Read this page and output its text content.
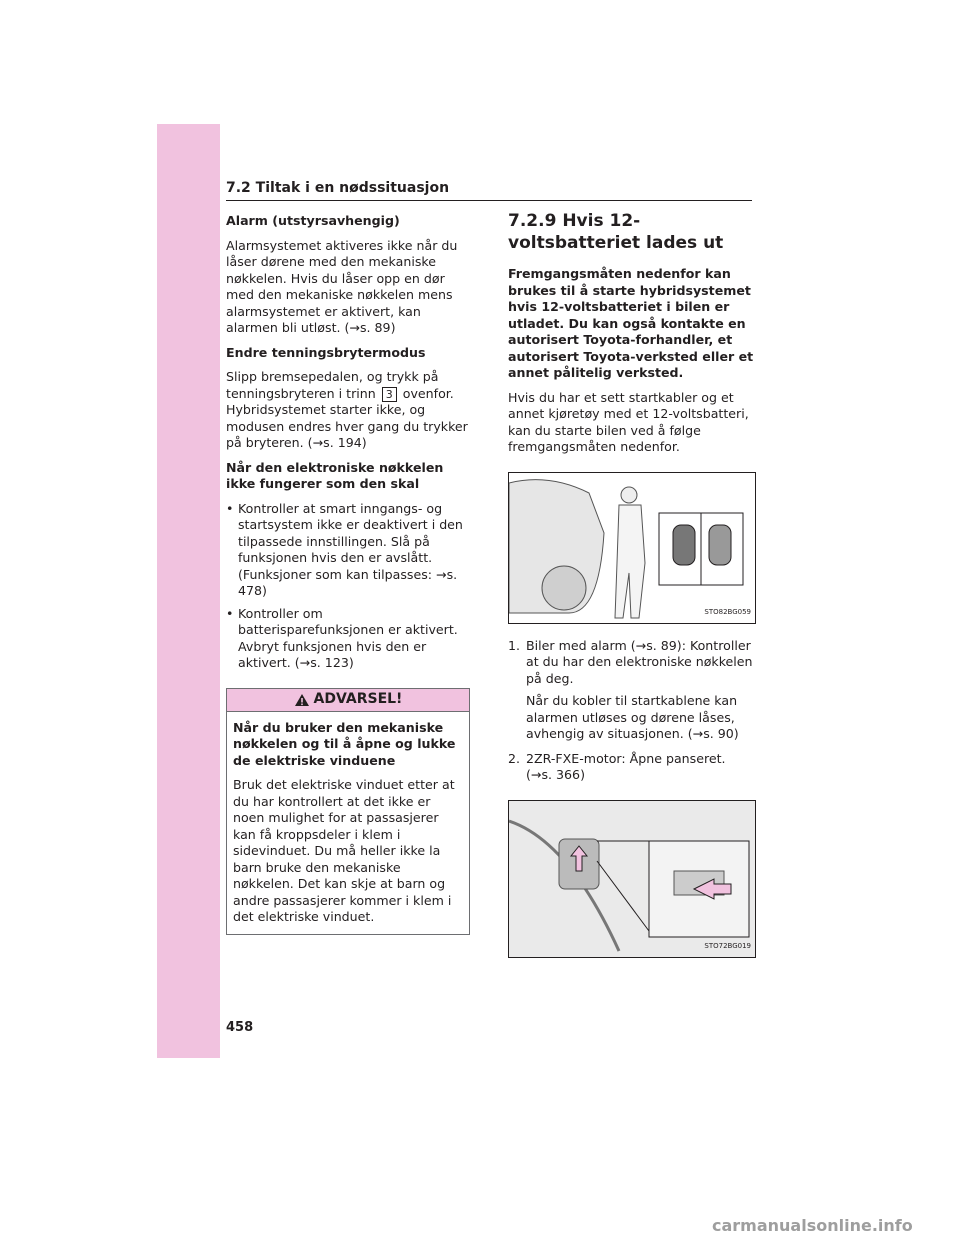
7.2 Tiltak i en nødssituasjon

Alarm (utstyrsavhengig)

Alarmsystemet aktiveres ikke når du låser dørene med den mekaniske nøkkelen. Hvis du låser opp en dør med den mekaniske nøkkelen mens alarmsystemet er aktivert, kan alarmen bli utløst. (→s. 89)

Endre tenningsbrytermodus

Slipp bremsepedalen, og trykk på tenningsbryteren i trinn 3 ovenfor. Hybridsystemet starter ikke, og modusen endres hver gang du trykker på bryteren. (→s. 194)

Når den elektroniske nøkkelen ikke fungerer som den skal

• Kontroller at smart inngangs- og startsystem ikke er deaktivert i den tilpassede innstillingen. Slå på funksjonen hvis den er avslått. (Funksjoner som kan tilpasses: →s. 478)
• Kontroller om batterisparefunksjonen er aktivert. Avbryt funksjonen hvis den er aktivert. (→s. 123)
ADVARSEL!

Når du bruker den mekaniske nøkkelen og til å åpne og lukke de elektriske vinduene

Bruk det elektriske vinduet etter at du har kontrollert at det ikke er noen mulighet for at passasjerer kan få kroppsdeler i klem i sidevinduet. Du må heller ikke la barn bruke den mekaniske nøkkelen. Det kan skje at barn og andre passasjerer kommer i klem i det elektriske vinduet.

7.2.9 Hvis 12-voltsbatteriet lades ut

Fremgangsmåten nedenfor kan brukes til å starte hybridsystemet hvis 12-voltsbatteriet i bilen er utladet. Du kan også kontakte en autorisert Toyota-forhandler, et autorisert Toyota-verksted eller et annet pålitelig verksted.

Hvis du har et sett startkabler og et annet kjøretøy med et 12-voltsbatteri, kan du starte bilen ved å følge fremgangsmåten nedenfor.

STO82BG059
1. Biler med alarm (→s. 89): Kontroller at du har den elektroniske nøkkelen på deg.

Når du kobler til startkablene kan alarmen utløses og dørene låses, avhengig av situasjonen. (→s. 90)

2. 2ZR-FXE-motor: Åpne panseret. (→s. 366)
STO72BG019
458
carmanualsonline.info
